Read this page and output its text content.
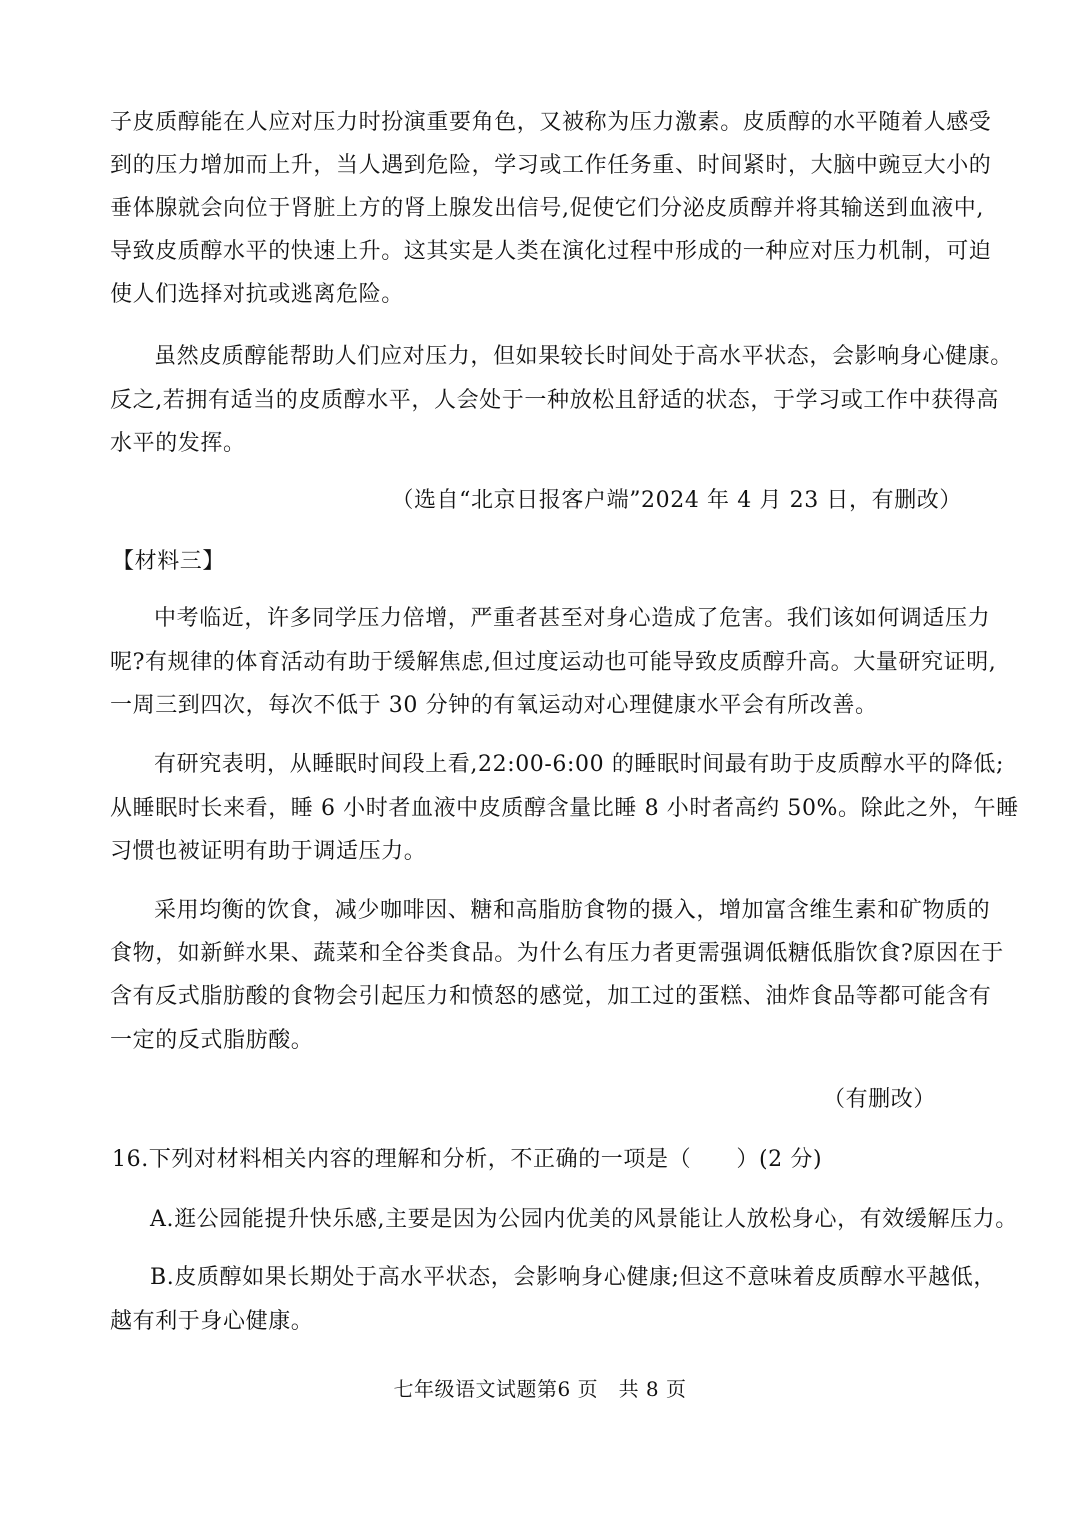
子皮质醇能在人应对压力时扮演重要角色，又被称为压力激素。皮质醇的水平随着人感受
到的压力增加而上升，当人遇到危险，学习或工作任务重、时间紧时，大脑中豌豆大小的
垂体腺就会向位于肾脏上方的肾上腺发出信号,促使它们分泌皮质醇并将其输送到血液中,
导致皮质醇水平的快速上升。这其实是人类在演化过程中形成的一种应对压力机制，可迫
使人们选择对抗或逃离危险。
虽然皮质醇能帮助人们应对压力，但如果较长时间处于高水平状态，会影响身心健康。
反之,若拥有适当的皮质醇水平，人会处于一种放松且舒适的状态，于学习或工作中获得高
水平的发挥。
（选自“北京日报客户端”2024 年 4 月 23 日，有删改）
【材料三】
中考临近，许多同学压力倍增，严重者甚至对身心造成了危害。我们该如何调适压力
呢?有规律的体育活动有助于缓解焦虑,但过度运动也可能导致皮质醇升高。大量研究证明,
一周三到四次，每次不低于 30 分钟的有氧运动对心理健康水平会有所改善。
有研究表明，从睡眠时间段上看,22:00-6:00 的睡眠时间最有助于皮质醇水平的降低;
从睡眠时长来看，睡 6 小时者血液中皮质醇含量比睡 8 小时者高约 50%。除此之外，午睡
习惯也被证明有助于调适压力。
采用均衡的饮食，减少咖啡因、糖和高脂肪食物的摄入，增加富含维生素和矿物质的
食物，如新鲜水果、蔬菜和全谷类食品。为什么有压力者更需强调低糖低脂饮食?原因在于
含有反式脂肪酸的食物会引起压力和愤怒的感觉，加工过的蛋糕、油炸食品等都可能含有
一定的反式脂肪酸。
（有删改）
16.下列对材料相关内容的理解和分析，不正确的一项是（　　）(2 分)
A.逛公园能提升快乐感,主要是因为公园内优美的风景能让人放松身心，有效缓解压力。
B.皮质醇如果长期处于高水平状态，会影响身心健康;但这不意味着皮质醇水平越低，
越有利于身心健康。
七年级语文试题第6 页　共 8 页
